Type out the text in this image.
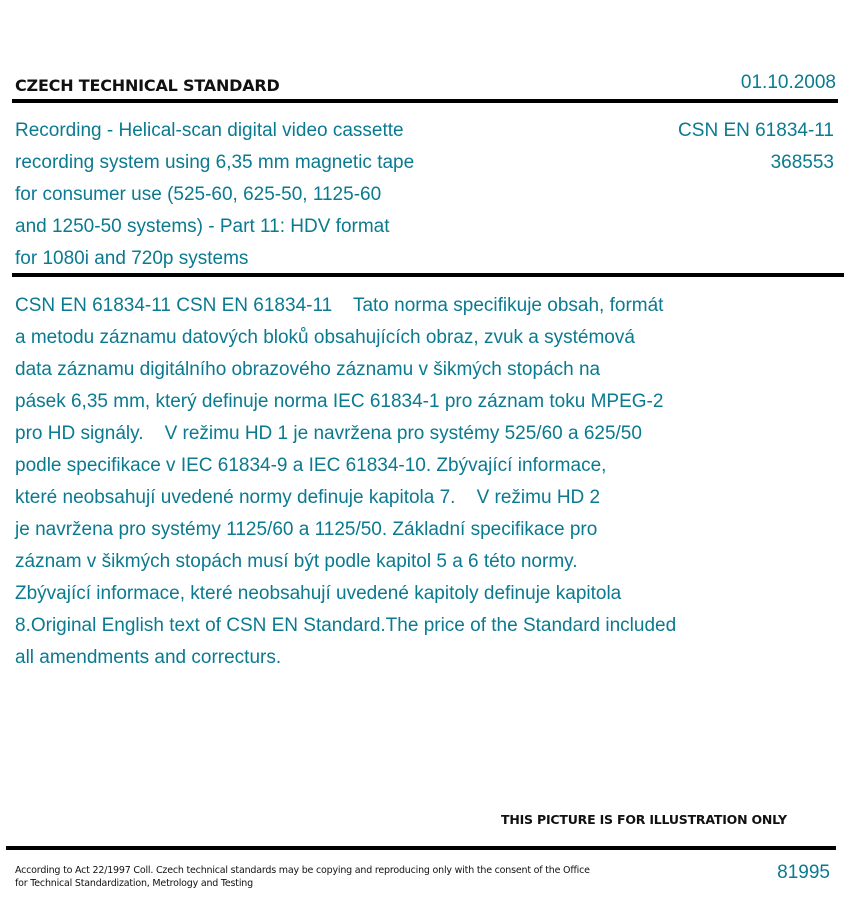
CZECH TECHNICAL STANDARD	01.10.2008
Recording - Helical-scan digital video cassette
recording system using 6,35 mm magnetic tape
for consumer use (525-60, 625-50, 1125-60
and 1250-50 systems) - Part 11: HDV format
for 1080i and 720p systems
CSN EN 61834-11
368553
CSN EN 61834-11 CSN EN 61834-11    Tato norma specifikuje obsah, formát
a metodu záznamu datových bloků obsahujících obraz, zvuk a systémová
data záznamu digitálního obrazového záznamu v šikmých stopách na
pásek 6,35 mm, který definuje norma IEC 61834-1 pro záznam toku MPEG-2
pro HD signály.    V režimu HD 1 je navržena pro systémy 525/60 a 625/50
podle specifikace v IEC 61834-9 a IEC 61834-10. Zbývající informace,
které neobsahují uvedené normy definuje kapitola 7.    V režimu HD 2
je navržena pro systémy 1125/60 a 1125/50. Základní specifikace pro
záznam v šikmých stopách musí být podle kapitol 5 a 6 této normy.
Zbývající informace, které neobsahují uvedené kapitoly definuje kapitola
8.Original English text of CSN EN Standard.The price of the Standard included
all amendments and correcturs.
THIS PICTURE IS FOR ILLUSTRATION ONLY
According to Act 22/1997 Coll. Czech technical standards may be copying and reproducing only with the consent of the Office
for Technical Standardization, Metrology and Testing
81995
